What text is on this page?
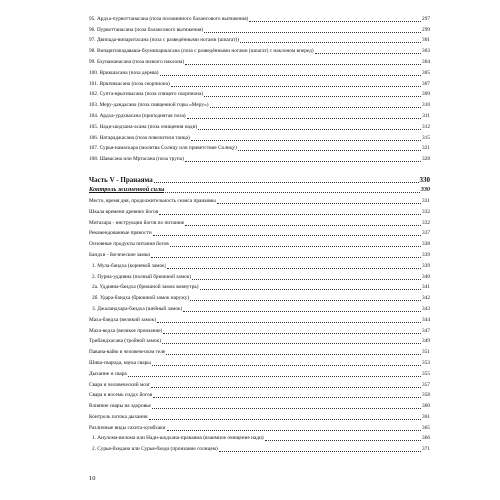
95. Ардха-пурвоттанасана (поза половинного балансового вытяжения)	297
96. Пурвоттанасана (поза балансового вытяжения)	299
97. Двипада-випаритасана (поза с разведёнными ногами (шпагат))	301
98. Випаритападаваша-бхумипаршасана (поза с разведёнными ногами (шпагат) с наклоном вперед)	303
99. Бхунаманасана (поза низкого наклона)	304
100. Врикшасана (поза дерева)	305
101. Вршчикасана (поза скорпиона)	307
102. Супта-врыгикасана (поза спящего скорпиона)	309
103. Меру-дандасана (поза священной горы «Меру»)	310
104. Ардха-урдхвасана (приподнятая поза)	311
105. Нади-шодхана-асана (поза очищения нади)	312
106. Натараджасана (поза повелителя танца)	315
107. Сурья-намаскара (молитва Солнцу или приветствие Солнцу)	321
108. Шавасана или Мртасана (поза трупа)	328
Часть V - Пранаяма	330
Контроль жизненной силы	330
Место, время дня, продолжительность сеанса пранаямы	331
Шкала времени древних йогов	332
Митахара - инструкции йогов по питанию	332
Рекомендованные пряности	337
Основные продукты питания йогов	338
Бандхи - йогические замки	339
1. Мула-бандха (корневой замок)	339
2. Пурна-уддияна (полный брюшной замок)	340
2а. Уддияна-бандха (брюшной замок вовнутрь)	341
2б. Удара-бандха (брюшной замок наружу)	342
3. Джаландхара-бандха (шейный замок)	343
Маха-бандха (великий замок)	344
Маха-ведха (великое пронзание)	347
Трибандхасана (тройной замок)	349
Павана-вайю в человеческом теле	351
Шива-сварода, наука свары	353
Дыхание и свара	355
Свара и человеческий мозг	357
Свара и восемь сиддх йогов	358
Влияние свары на здоровье	360
Контроль потока дыхания	361
Различные виды сахита-кумбхаки	365
1. Анулома-вилома или Нади-шодхана-пранаяма (взаимное очищение нади)	366
2. Сурья-бхедана или Сурья-бхеди (пронзание солнцем)	371
10
